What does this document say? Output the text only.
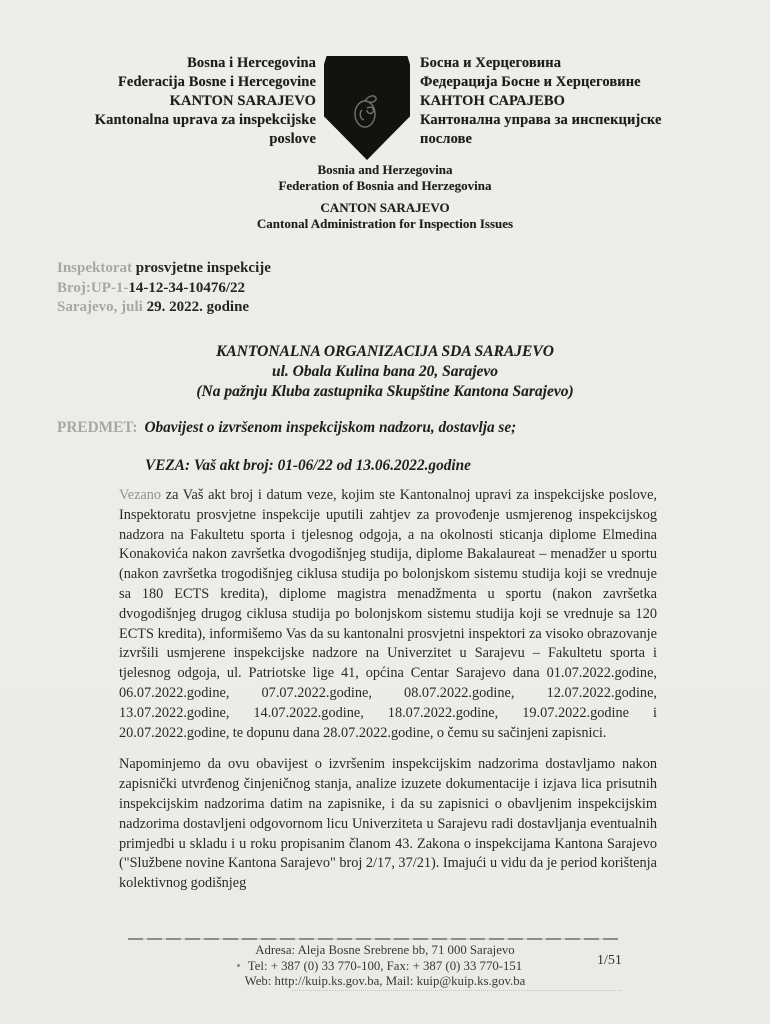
Bosna i Hercegovina
Federacija Bosne i Hercegovine
KANTON SARAJEVO
Kantonalna uprava za inspekcijske poslove
Босна и Херцеговина
Федерација Босне и Херцеговине
КАНТОН САРАЈЕВО
Кантонална управа за инспекцијске послове
Bosnia and Herzegovina
Federation of Bosnia and Herzegovina
CANTON SARAJEVO
Cantonal Administration for Inspection Issues
Inspektorat prosvjetne inspekcije
Broj:UP-1-14-12-34-10476/22
Sarajevo, juli 29. 2022. godine
KANTONALNA ORGANIZACIJA SDA SARAJEVO
ul. Obala Kulina bana 20, Sarajevo
(Na pažnju Kluba zastupnika Skupštine Kantona Sarajevo)
PREDMET: Obavijest o izvršenom inspekcijskom nadzoru, dostavlja se;
VEZA: Vaš akt broj: 01-06/22 od 13.06.2022.godine

Vezano za Vaš akt broj i datum veze, kojim ste Kantonalnoj upravi za inspekcijske poslove, Inspektoratu prosvjetne inspekcije uputili zahtjev za provođenje usmjerenog inspekcijskog nadzora na Fakultetu sporta i tjelesnog odgoja, a na okolnosti sticanja diplome Elmedina Konakovića nakon završetka dvogodišnjeg studija, diplome Bakalaureat – menadžer u sportu (nakon završetka trogodišnjeg ciklusa studija po bolonjskom sistemu studija koji se vrednuje sa 180 ECTS kredita), diplome magistra menadžmenta u sportu (nakon završetka dvogodišnjeg drugog ciklusa studija po bolonjskom sistemu studija koji se vrednuje sa 120 ECTS kredita), informišemo Vas da su kantonalni prosvjetni inspektori za visoko obrazovanje izvršili usmjerene inspekcijske nadzore na Univerzitet u Sarajevu – Fakultetu sporta i tjelesnog odgoja, ul. Patriotske lige 41, općina Centar Sarajevo dana 01.07.2022.godine, 06.07.2022.godine, 07.07.2022.godine, 08.07.2022.godine, 12.07.2022.godine, 13.07.2022.godine, 14.07.2022.godine, 18.07.2022.godine, 19.07.2022.godine i 20.07.2022.godine, te dopunu dana 28.07.2022.godine, o čemu su sačinjeni zapisnici.

Napominjemo da ovu obavijest o izvršenim inspekcijskim nadzorima dostavljamo nakon zapisnički utvrđenog činjeničnog stanja, analize izuzete dokumentacije i izjava lica prisutnih inspekcijskim nadzorima datim na zapisnike, i da su zapisnici o obavljenim inspekcijskim nadzorima dostavljeni odgovornom licu Univerziteta u Sarajevu radi dostavljanja eventualnih primjedbi u skladu i u roku propisanim članom 43. Zakona o inspekcijama Kantona Sarajevo ("Službene novine Kantona Sarajevo" broj 2/17, 37/21). Imajući u vidu da je period korištenja kolektivnog godišnjeg

Adresa: Aleja Bosne Srebrene bb, 71 000 Sarajevo
Tel: + 387 (0) 33 770-100, Fax: + 387 (0) 33 770-151
Web: http://kuip.ks.gov.ba, Mail: kuip@kuip.ks.gov.ba
1/51
